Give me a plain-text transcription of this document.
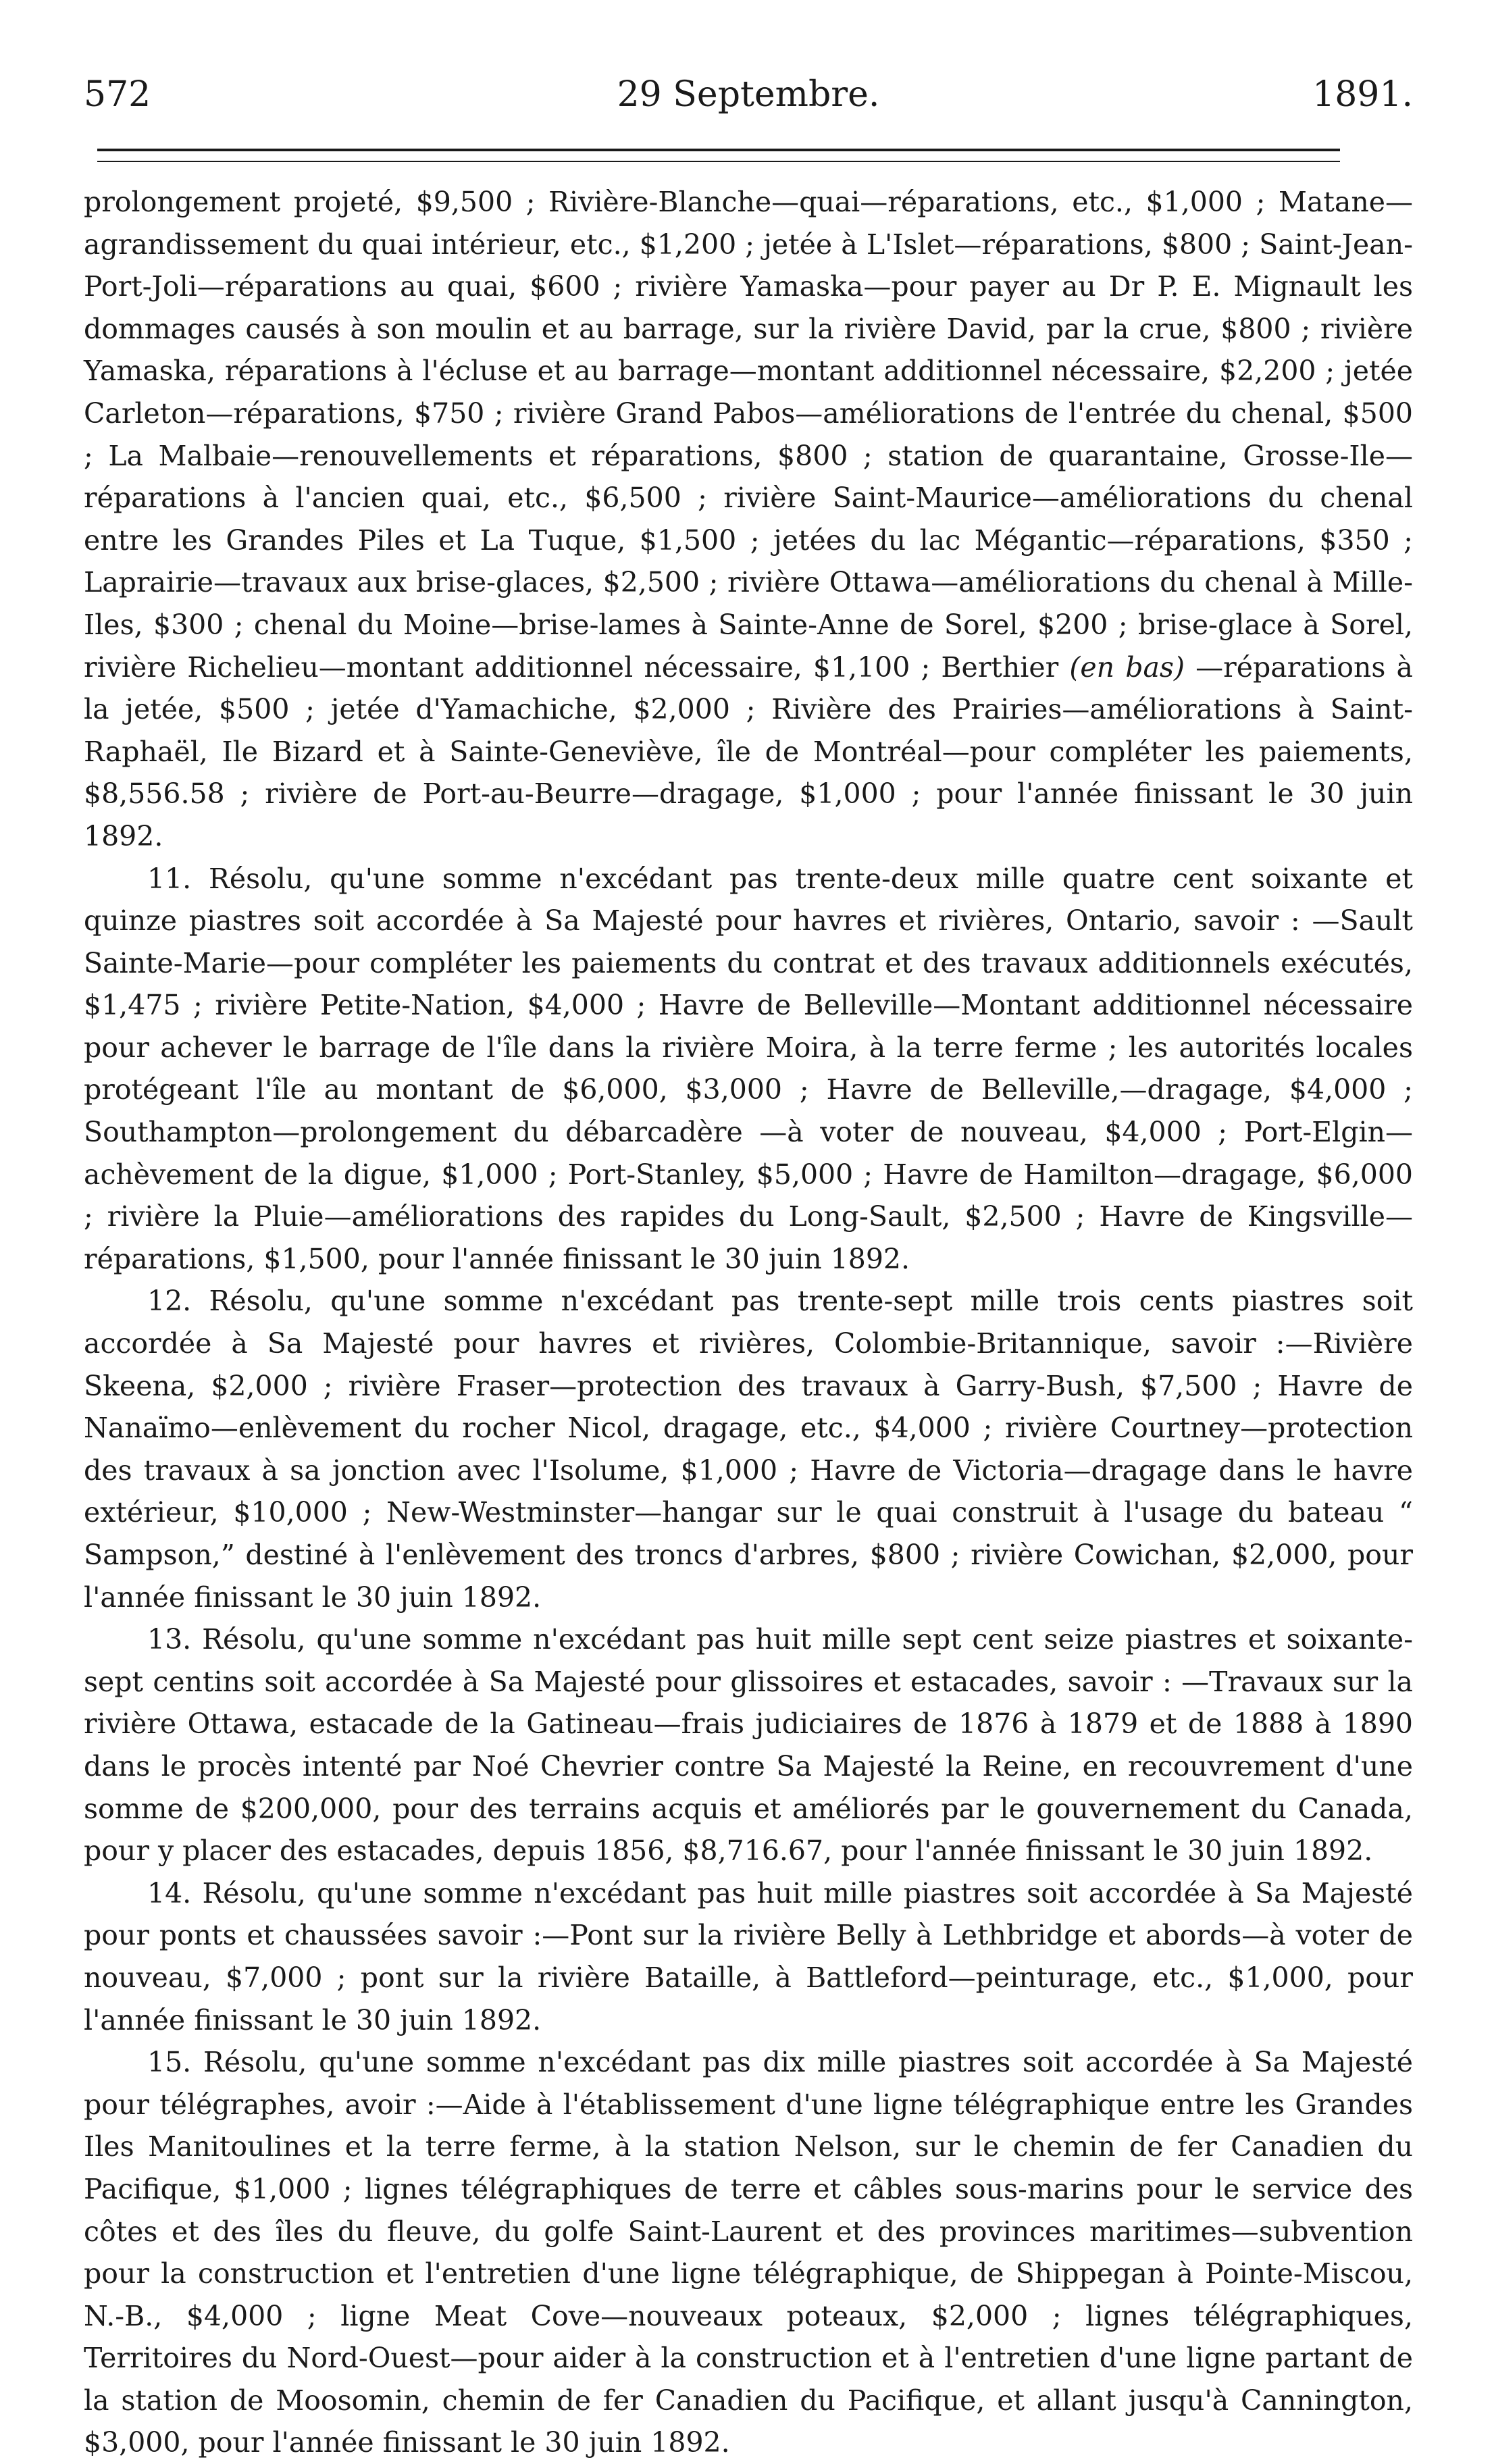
572	29 Septembre.	1891.

prolongement projeté, $9,500 ; Rivière-Blanche—quai—réparations, etc., $1,000 ; Matane—agrandissement du quai intérieur, etc., $1,200 ; jetée à L'Islet—réparations, $800 ; Saint-Jean-Port-Joli—réparations au quai, $600 ; rivière Yamaska—pour payer au Dr P. E. Mignault les dommages causés à son moulin et au barrage, sur la rivière David, par la crue, $800 ; rivière Yamaska, réparations à l'écluse et au barrage—montant additionnel nécessaire, $2,200 ; jetée Carleton—réparations, $750 ; rivière Grand Pabos—améliorations de l'entrée du chenal, $500 ; La Malbaie—renouvellements et réparations, $800 ; station de quarantaine, Grosse-Ile—réparations à l'ancien quai, etc., $6,500 ; rivière Saint-Maurice—améliorations du chenal entre les Grandes Piles et La Tuque, $1,500 ; jetées du lac Mégantic—réparations, $350 ; Laprairie—travaux aux brise-glaces, $2,500 ; rivière Ottawa—améliorations du chenal à Mille-Iles, $300 ; chenal du Moine—brise-lames à Sainte-Anne de Sorel, $200 ; brise-glace à Sorel, rivière Richelieu—montant additionnel nécessaire, $1,100 ; Berthier (en bas) —réparations à la jetée, $500 ; jetée d'Yamachiche, $2,000 ; Rivière des Prairies—améliorations à Saint-Raphaël, Ile Bizard et à Sainte-Geneviève, île de Montréal—pour compléter les paiements, $8,556.58 ; rivière de Port-au-Beurre—dragage, $1,000 ; pour l'année finissant le 30 juin 1892.

11. Résolu, qu'une somme n'excédant pas trente-deux mille quatre cent soixante et quinze piastres soit accordée à Sa Majesté pour havres et rivières, Ontario, savoir : —Sault Sainte-Marie—pour compléter les paiements du contrat et des travaux additionnels exécutés, $1,475 ; rivière Petite-Nation, $4,000 ; Havre de Belleville—Montant additionnel nécessaire pour achever le barrage de l'île dans la rivière Moira, à la terre ferme ; les autorités locales protégeant l'île au montant de $6,000, $3,000 ; Havre de Belleville,—dragage, $4,000 ; Southampton—prolongement du débarcadère —à voter de nouveau, $4,000 ; Port-Elgin—achèvement de la digue, $1,000 ; Port-Stanley, $5,000 ; Havre de Hamilton—dragage, $6,000 ; rivière la Pluie—améliorations des rapides du Long-Sault, $2,500 ; Havre de Kingsville—réparations, $1,500, pour l'année finissant le 30 juin 1892.

12. Résolu, qu'une somme n'excédant pas trente-sept mille trois cents piastres soit accordée à Sa Majesté pour havres et rivières, Colombie-Britannique, savoir :—Rivière Skeena, $2,000 ; rivière Fraser—protection des travaux à Garry-Bush, $7,500 ; Havre de Nanaïmo—enlèvement du rocher Nicol, dragage, etc., $4,000 ; rivière Courtney—protection des travaux à sa jonction avec l'Isolume, $1,000 ; Havre de Victoria—dragage dans le havre extérieur, $10,000 ; New-Westminster—hangar sur le quai construit à l'usage du bateau “ Sampson,” destiné à l'enlèvement des troncs d'arbres, $800 ; rivière Cowichan, $2,000, pour l'année finissant le 30 juin 1892.

13. Résolu, qu'une somme n'excédant pas huit mille sept cent seize piastres et soixante-sept centins soit accordée à Sa Majesté pour glissoires et estacades, savoir : —Travaux sur la rivière Ottawa, estacade de la Gatineau—frais judiciaires de 1876 à 1879 et de 1888 à 1890 dans le procès intenté par Noé Chevrier contre Sa Majesté la Reine, en recouvrement d'une somme de $200,000, pour des terrains acquis et améliorés par le gouvernement du Canada, pour y placer des estacades, depuis 1856, $8,716.67, pour l'année finissant le 30 juin 1892.

14. Résolu, qu'une somme n'excédant pas huit mille piastres soit accordée à Sa Majesté pour ponts et chaussées savoir :—Pont sur la rivière Belly à Lethbridge et abords—à voter de nouveau, $7,000 ; pont sur la rivière Bataille, à Battleford—peinturage, etc., $1,000, pour l'année finissant le 30 juin 1892.

15. Résolu, qu'une somme n'excédant pas dix mille piastres soit accordée à Sa Majesté pour télégraphes, avoir :—Aide à l'établissement d'une ligne télégraphique entre les Grandes Iles Manitoulines et la terre ferme, à la station Nelson, sur le chemin de fer Canadien du Pacifique, $1,000 ; lignes télégraphiques de terre et câbles sous-marins pour le service des côtes et des îles du fleuve, du golfe Saint-Laurent et des provinces maritimes—subvention pour la construction et l'entretien d'une ligne télégraphique, de Shippegan à Pointe-Miscou, N.-B., $4,000 ; ligne Meat Cove—nouveaux poteaux, $2,000 ; lignes télégraphiques, Territoires du Nord-Ouest—pour aider à la construction et à l'entretien d'une ligne partant de la station de Moosomin, chemin de fer Canadien du Pacifique, et allant jusqu'à Cannington, $3,000, pour l'année finissant le 30 juin 1892.
